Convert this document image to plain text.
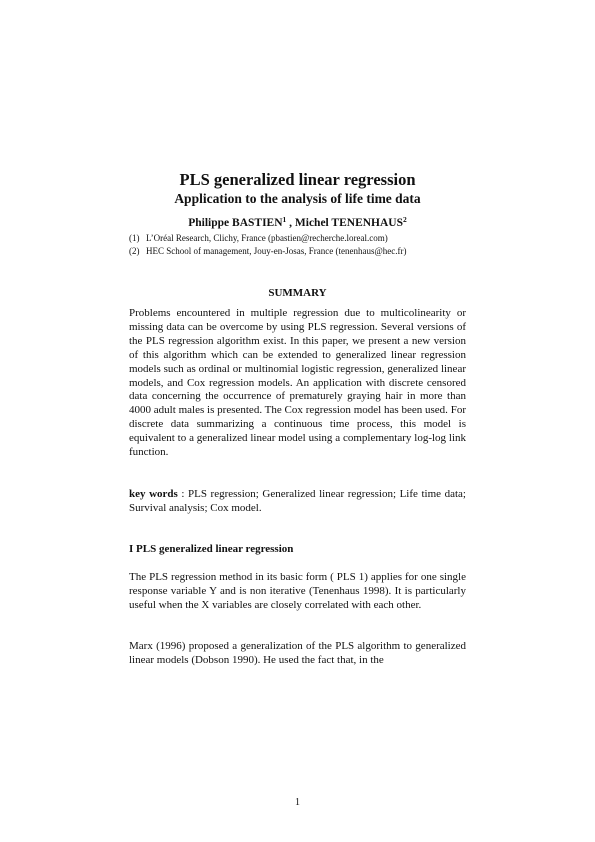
PLS generalized linear regression
Application to the analysis of life time data
Philippe BASTIEN$^1$ , Michel TENENHAUS$^2$
(1) L’Oréal Research, Clichy, France (pbastien@recherche.loreal.com)
(2) HEC School of management, Jouy-en-Josas, France (tenenhaus@hec.fr)
SUMMARY

Problems encountered in multiple regression due to multicolinearity or missing data can be overcome by using PLS regression. Several versions of the PLS regression algorithm exist. In this paper, we present a new version of this algorithm which can be extended to generalized linear regression models such as ordinal or multinomial logistic regression, generalized linear models, and Cox regression models. An application with discrete censored data concerning the occurrence of prematurely graying hair in more than 4000 adult males is presented. The Cox regression model has been used. For discrete data summarizing a continuous time process, this model is equivalent to a generalized linear model using a complementary log-log link function.

key words : PLS regression; Generalized linear regression; Life time data; Survival analysis; Cox model.

I PLS generalized linear regression

The PLS regression method in its basic form ( PLS 1) applies for one single response variable Y and is non iterative (Tenenhaus 1998). It is particularly useful when the X variables are closely correlated with each other.

Marx (1996) proposed a generalization of the PLS algorithm to generalized linear models (Dobson 1990). He used the fact that, in the

1
